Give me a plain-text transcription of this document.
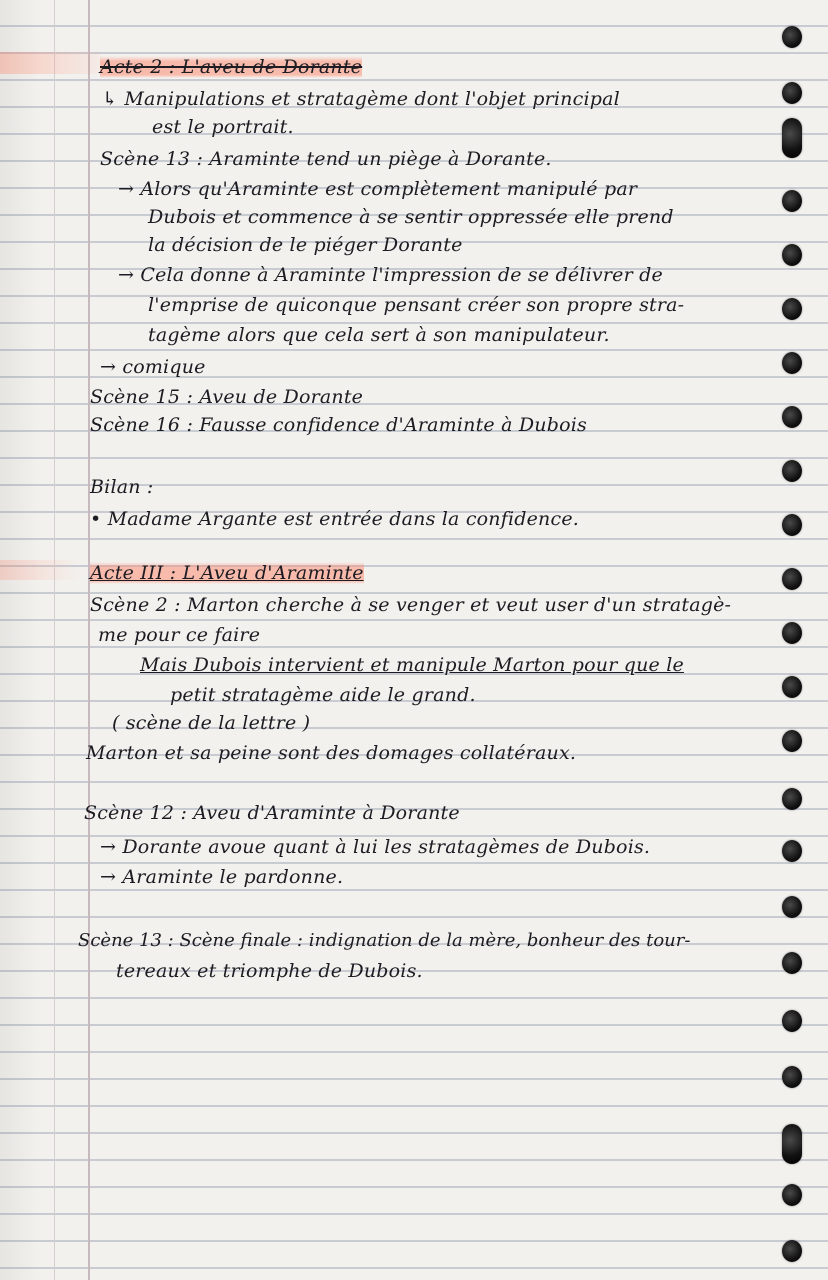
Acte 2 : L'aveu de Dorante
↳ Manipulations et stratagème dont l'objet principal
est le portrait.
Scène 13 : Araminte tend un piège à Dorante.
→ Alors qu'Araminte est complètement manipulé par
Dubois et commence à se sentir oppressée elle prend
la décision de le piéger Dorante
→ Cela donne à Araminte l'impression de se délivrer de
l'emprise de quiconque pensant créer son propre stra-
tagème alors que cela sert à son manipulateur.
→ comique
Scène 15 : Aveu de Dorante
Scène 16 : Fausse confidence d'Araminte à Dubois
Bilan :
• Madame Argante est entrée dans la confidence.
Acte III : L'Aveu d'Araminte
Scène 2 : Marton cherche à se venger et veut user d'un stratagè-
me pour ce faire
Mais Dubois intervient et manipule Marton pour que le
petit stratagème aide le grand.
( scène de la lettre )
Marton et sa peine sont des domages collatéraux.
Scène 12 : Aveu d'Araminte à Dorante
→ Dorante avoue quant à lui les stratagèmes de Dubois.
→ Araminte le pardonne.
Scène 13 : Scène finale : indignation de la mère, bonheur des tour-
tereaux et triomphe de Dubois.
